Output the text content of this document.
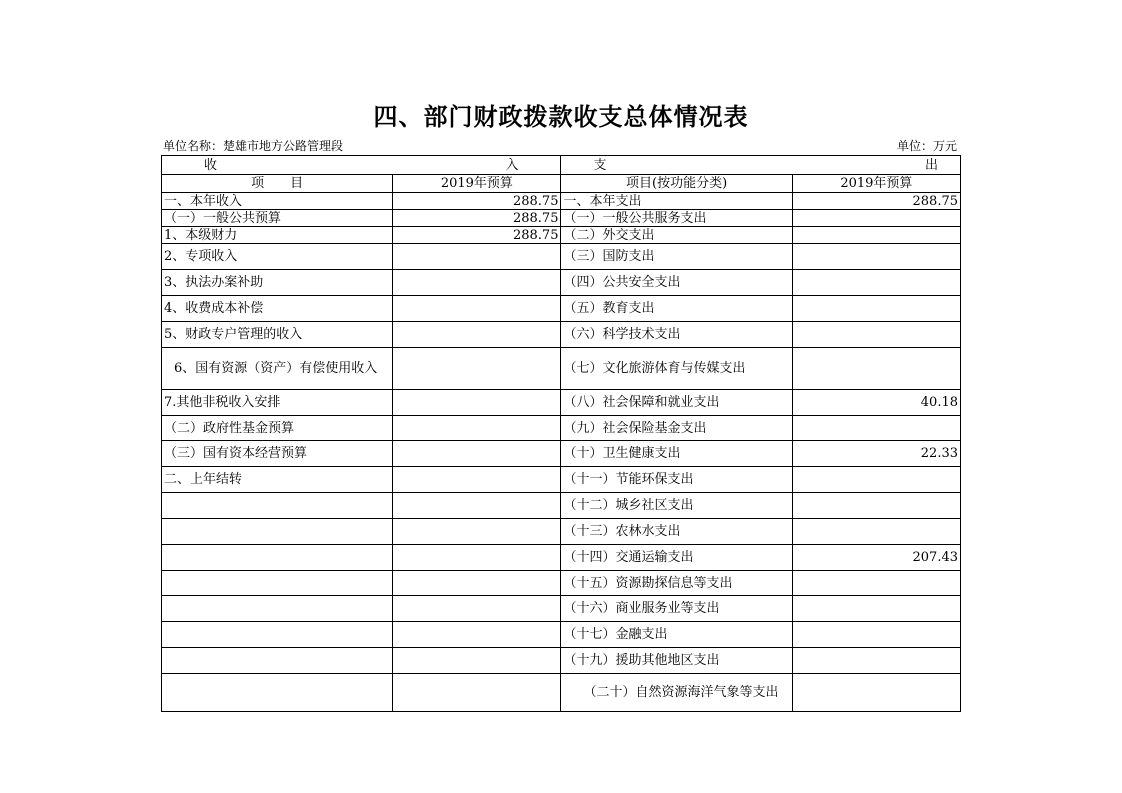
四、部门财政拨款收支总体情况表
单位名称：楚雄市地方公路管理段	单位：万元
收 入		支 出	

项　　目	2019年预算	项目(按功能分类)	2019年预算
一、本年收入	288.75	一、本年支出	288.75
（一）一般公共预算	288.75	（一）一般公共服务支出	
1、本级财力	288.75	（二）外交支出	
2、专项收入		（三）国防支出	
3、执法办案补助		（四）公共安全支出	
4、收费成本补偿		（五）教育支出	
5、财政专户管理的收入		（六）科学技术支出	
6、国有资源（资产）有偿使用收入		（七）文化旅游体育与传媒支出	
7.其他非税收入安排		（八）社会保障和就业支出	40.18
（二）政府性基金预算		（九）社会保险基金支出	
（三）国有资本经营预算		（十）卫生健康支出	22.33
二、上年结转		（十一）节能环保支出	
		（十二）城乡社区支出	
		（十三）农林水支出	
		（十四）交通运输支出	207.43
		（十五）资源勘探信息等支出	
		（十六）商业服务业等支出	
		（十七）金融支出	
		（十九）援助其他地区支出	
		（二十）自然资源海洋气象等支出	
